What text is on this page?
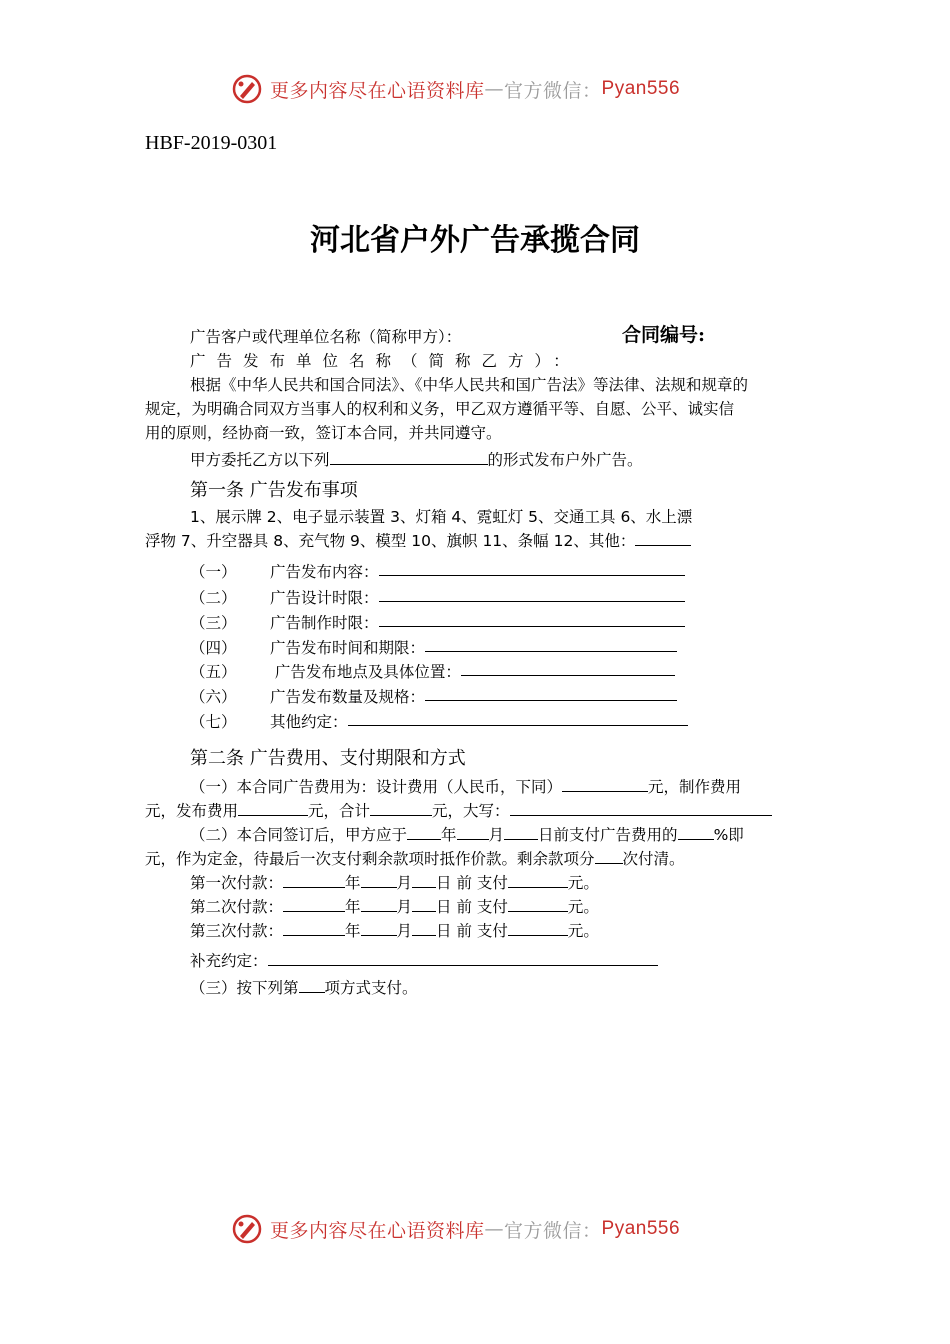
更多内容尽在心语资料库 — 官方微信： Pyan556
HBF-2019-0301
河北省户外广告承揽合同
广告客户或代理单位名称（简称甲方）：	合同编号:
广告发布单位名称（简称乙方）：
根据《中华人民共和国合同法》、《中华人民共和国广告法》等法律、法规和规章的
规定，为明确合同双方当事人的权利和义务，甲乙双方遵循平等、自愿、公平、诚实信
用的原则，经协商一致，签订本合同，并共同遵守。
甲方委托乙方以下列	的形式发布户外广告。
第一条 广告发布事项
1、展示牌 2、电子显示装置 3、灯箱 4、霓虹灯 5、交通工具 6、水上漂
浮物 7、升空器具 8、充气物 9、模型 10、旗帜 11、条幅 12、其他：
（一）	广告发布内容：
（二）	广告设计时限：
（三）	广告制作时限：
（四）	广告发布时间和期限：
（五）	广告发布地点及具体位置：
（六）	广告发布数量及规格：
（七）	其他约定：
第二条 广告费用、支付期限和方式
（一）本合同广告费用为：设计费用（人民币，下同）	元，制作费用
元，发布费用	元，合计	元，大写：
（二）本合同签订后，甲方应于 年 月 日前支付广告费用的 %即
元，作为定金，待最后一次支付剩余款项时抵作价款。剩余款项分 次付清。
第一次付款：	年 月 日 前 支付	元。
第二次付款：	年 月 日 前 支付	元。
第三次付款：	年 月 日 前 支付	元。
补充约定：
（三）按下列第 项方式支付。
更多内容尽在心语资料库 — 官方微信： Pyan556
